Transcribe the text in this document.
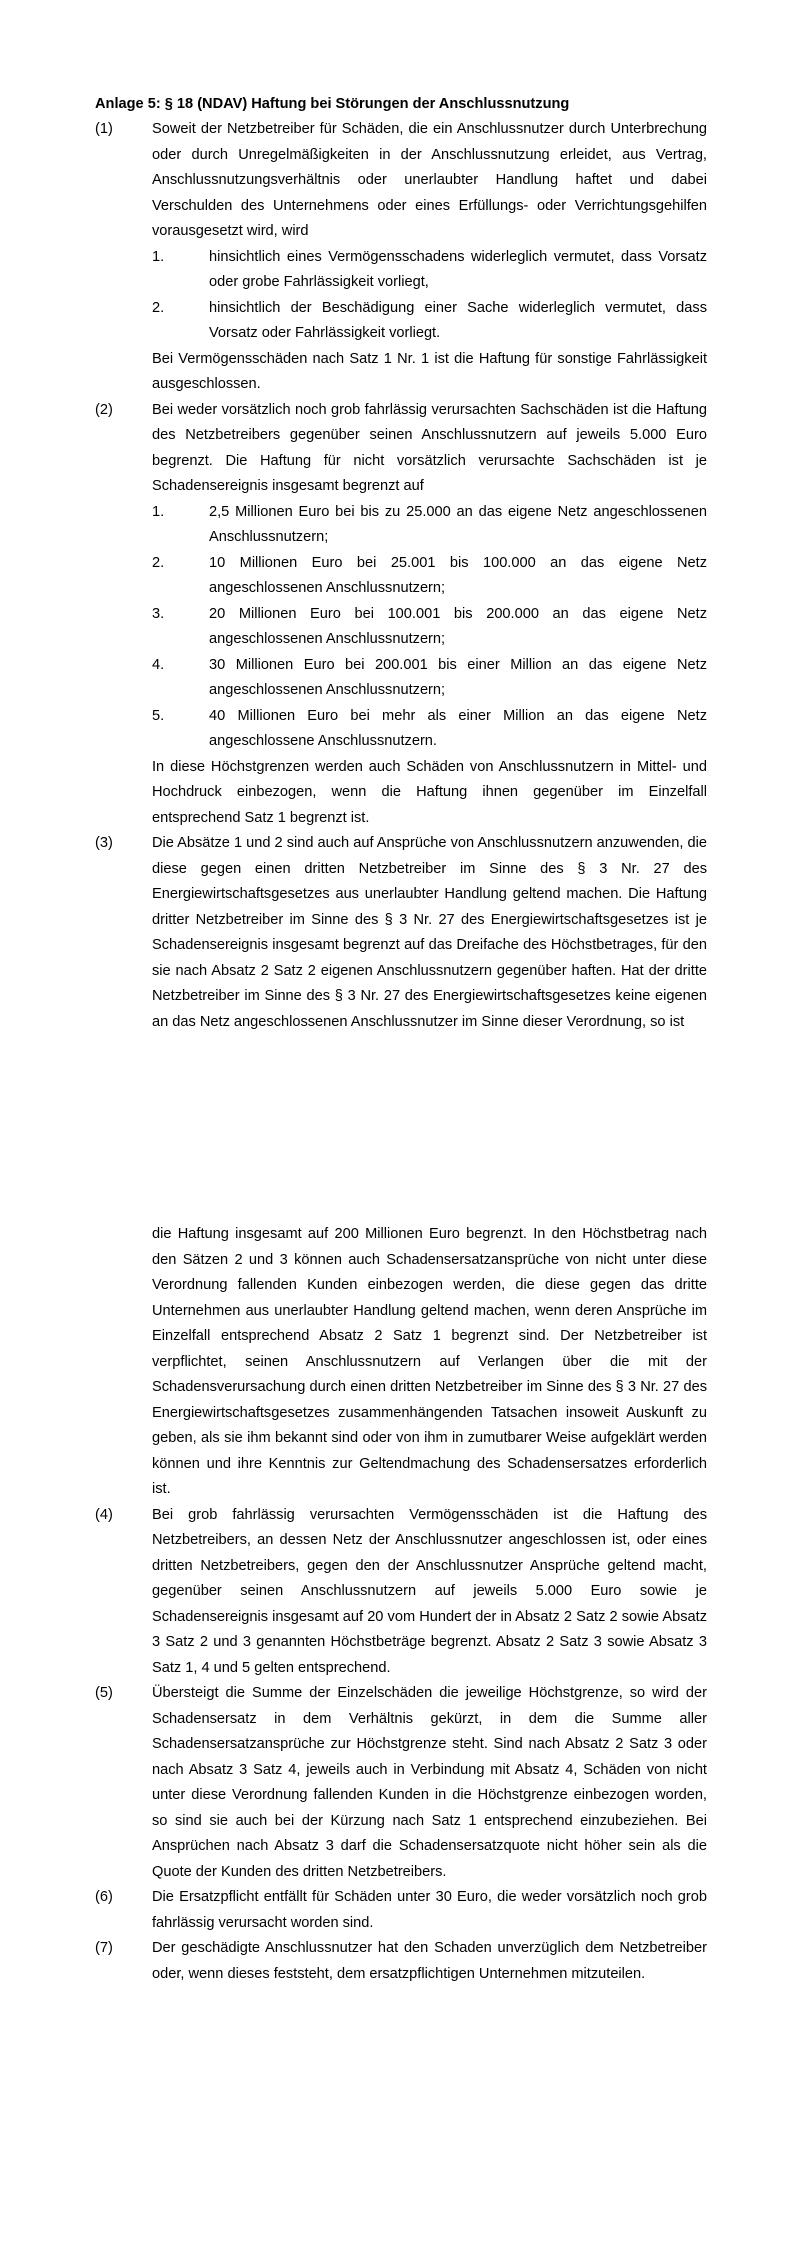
Anlage 5: § 18 (NDAV) Haftung bei Störungen der Anschlussnutzung
(1)	Soweit der Netzbetreiber für Schäden, die ein Anschlussnutzer durch Unterbrechung oder durch Unregelmäßigkeiten in der Anschlussnutzung erleidet, aus Vertrag, Anschlussnutzungsverhältnis oder unerlaubter Handlung haftet und dabei Verschulden des Unternehmens oder eines Erfüllungs- oder Verrichtungsgehilfen vorausgesetzt wird, wird
1.	hinsichtlich eines Vermögensschadens widerleglich vermutet, dass Vorsatz oder grobe Fahrlässigkeit vorliegt,
2.	hinsichtlich der Beschädigung einer Sache widerleglich vermutet, dass Vorsatz oder Fahrlässigkeit vorliegt.
Bei Vermögensschäden nach Satz 1 Nr. 1 ist die Haftung für sonstige Fahrlässigkeit ausgeschlossen.
(2)	Bei weder vorsätzlich noch grob fahrlässig verursachten Sachschäden ist die Haftung des Netzbetreibers gegenüber seinen Anschlussnutzern auf jeweils 5.000 Euro begrenzt. Die Haftung für nicht vorsätzlich verursachte Sachschäden ist je Schadensereignis insgesamt begrenzt auf
1.	2,5 Millionen Euro bei bis zu 25.000 an das eigene Netz angeschlossenen Anschlussnutzern;
2.	10 Millionen Euro bei 25.001 bis 100.000 an das eigene Netz angeschlossenen Anschlussnutzern;
3.	20 Millionen Euro bei 100.001 bis 200.000 an das eigene Netz angeschlossenen Anschlussnutzern;
4.	30 Millionen Euro bei 200.001 bis einer Million an das eigene Netz angeschlossenen Anschlussnutzern;
5.	40 Millionen Euro bei mehr als einer Million an das eigene Netz angeschlossene Anschlussnutzern.
In diese Höchstgrenzen werden auch Schäden von Anschlussnutzern in Mittel- und Hochdruck einbezogen, wenn die Haftung ihnen gegenüber im Einzelfall entsprechend Satz 1 begrenzt ist.
(3)	Die Absätze 1 und 2 sind auch auf Ansprüche von Anschlussnutzern anzuwenden, die diese gegen einen dritten Netzbetreiber im Sinne des § 3 Nr. 27 des Energiewirtschaftsgesetzes aus unerlaubter Handlung geltend machen. Die Haftung dritter Netzbetreiber im Sinne des § 3 Nr. 27 des Energiewirtschaftsgesetzes ist je Schadensereignis insgesamt begrenzt auf das Dreifache des Höchstbetrages, für den sie nach Absatz 2 Satz 2 eigenen Anschlussnutzern gegenüber haften. Hat der dritte Netzbetreiber im Sinne des § 3 Nr. 27 des Energiewirtschaftsgesetzes keine eigenen an das Netz angeschlossenen Anschlussnutzer im Sinne dieser Verordnung, so ist
die Haftung insgesamt auf 200 Millionen Euro begrenzt. In den Höchstbetrag nach den Sätzen 2 und 3 können auch Schadensersatzansprüche von nicht unter diese Verordnung fallenden Kunden einbezogen werden, die diese gegen das dritte Unternehmen aus unerlaubter Handlung geltend machen, wenn deren Ansprüche im Einzelfall entsprechend Absatz 2 Satz 1 begrenzt sind. Der Netzbetreiber ist verpflichtet, seinen Anschlussnutzern auf Verlangen über die mit der Schadensverursachung durch einen dritten Netzbetreiber im Sinne des § 3 Nr. 27 des Energiewirtschaftsgesetzes zusammenhängenden Tatsachen insoweit Auskunft zu geben, als sie ihm bekannt sind oder von ihm in zumutbarer Weise aufgeklärt werden können und ihre Kenntnis zur Geltendmachung des Schadensersatzes erforderlich ist.
(4)	Bei grob fahrlässig verursachten Vermögensschäden ist die Haftung des Netzbetreibers, an dessen Netz der Anschlussnutzer angeschlossen ist, oder eines dritten Netzbetreibers, gegen den der Anschlussnutzer Ansprüche geltend macht, gegenüber seinen Anschlussnutzern auf jeweils 5.000 Euro sowie je Schadensereignis insgesamt auf 20 vom Hundert der in Absatz 2 Satz 2 sowie Absatz 3 Satz 2 und 3 genannten Höchstbeträge begrenzt. Absatz 2 Satz 3 sowie Absatz 3 Satz 1, 4 und 5 gelten entsprechend.
(5)	Übersteigt die Summe der Einzelschäden die jeweilige Höchstgrenze, so wird der Schadensersatz in dem Verhältnis gekürzt, in dem die Summe aller Schadensersatzansprüche zur Höchstgrenze steht. Sind nach Absatz 2 Satz 3 oder nach Absatz 3 Satz 4, jeweils auch in Verbindung mit Absatz 4, Schäden von nicht unter diese Verordnung fallenden Kunden in die Höchstgrenze einbezogen worden, so sind sie auch bei der Kürzung nach Satz 1 entsprechend einzubeziehen. Bei Ansprüchen nach Absatz 3 darf die Schadensersatzquote nicht höher sein als die Quote der Kunden des dritten Netzbetreibers.
(6)	Die Ersatzpflicht entfällt für Schäden unter 30 Euro, die weder vorsätzlich noch grob fahrlässig verursacht worden sind.
(7)	Der geschädigte Anschlussnutzer hat den Schaden unverzüglich dem Netzbetreiber oder, wenn dieses feststeht, dem ersatzpflichtigen Unternehmen mitzuteilen.
